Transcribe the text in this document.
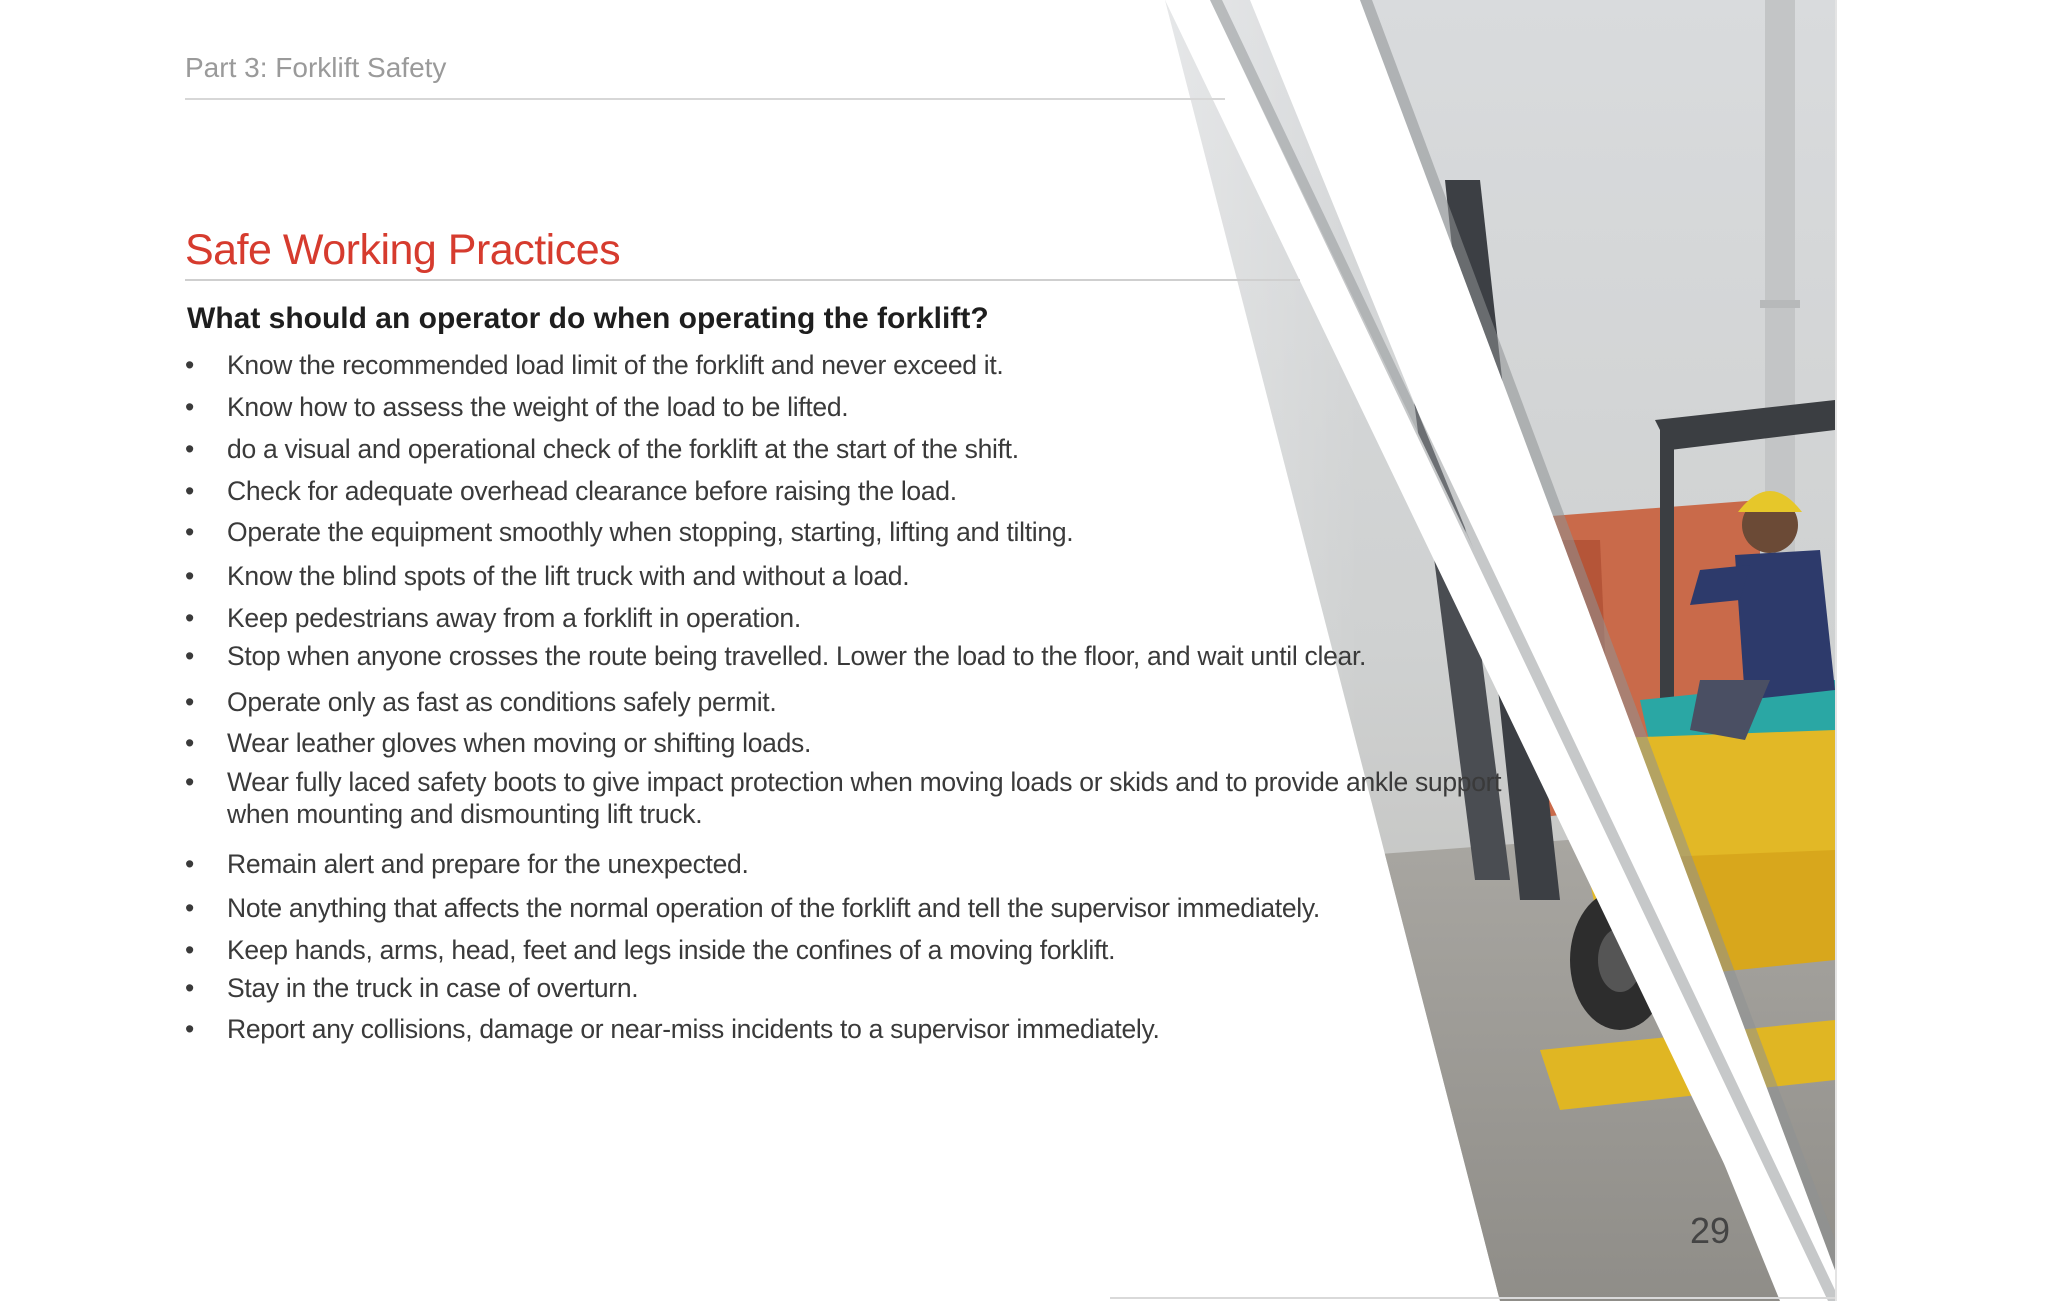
Part 3: Forklift Safety
Safe Working Practices
What should an operator do when operating the forklift?
•	Know the recommended load limit of the forklift and never exceed it.
•	Know how to assess the weight of the load to be lifted.
•	do a visual and operational check of the forklift at the start of the shift.
•	Check for adequate overhead clearance before raising the load.
•	Operate the equipment smoothly when stopping, starting, lifting and tilting.
•	Know the blind spots of the lift truck with and without a load.
•	Keep pedestrians away from a forklift in operation.
•	Stop when anyone crosses the route being travelled. Lower the load to the floor, and wait until clear.
•	Operate only as fast as conditions safely permit.
•	Wear leather gloves when moving or shifting loads.
•	Wear fully laced safety boots to give impact protection when moving loads or skids and to provide ankle support when mounting and dismounting lift truck.
•	Remain alert and prepare for the unexpected.
•	Note anything that affects the normal operation of the forklift and tell the supervisor immediately.
•	Keep hands, arms, head, feet and legs inside the confines of a moving forklift.
•	Stay in the truck in case of overturn.
•	Report any collisions, damage or near-miss incidents to a supervisor immediately.
29
